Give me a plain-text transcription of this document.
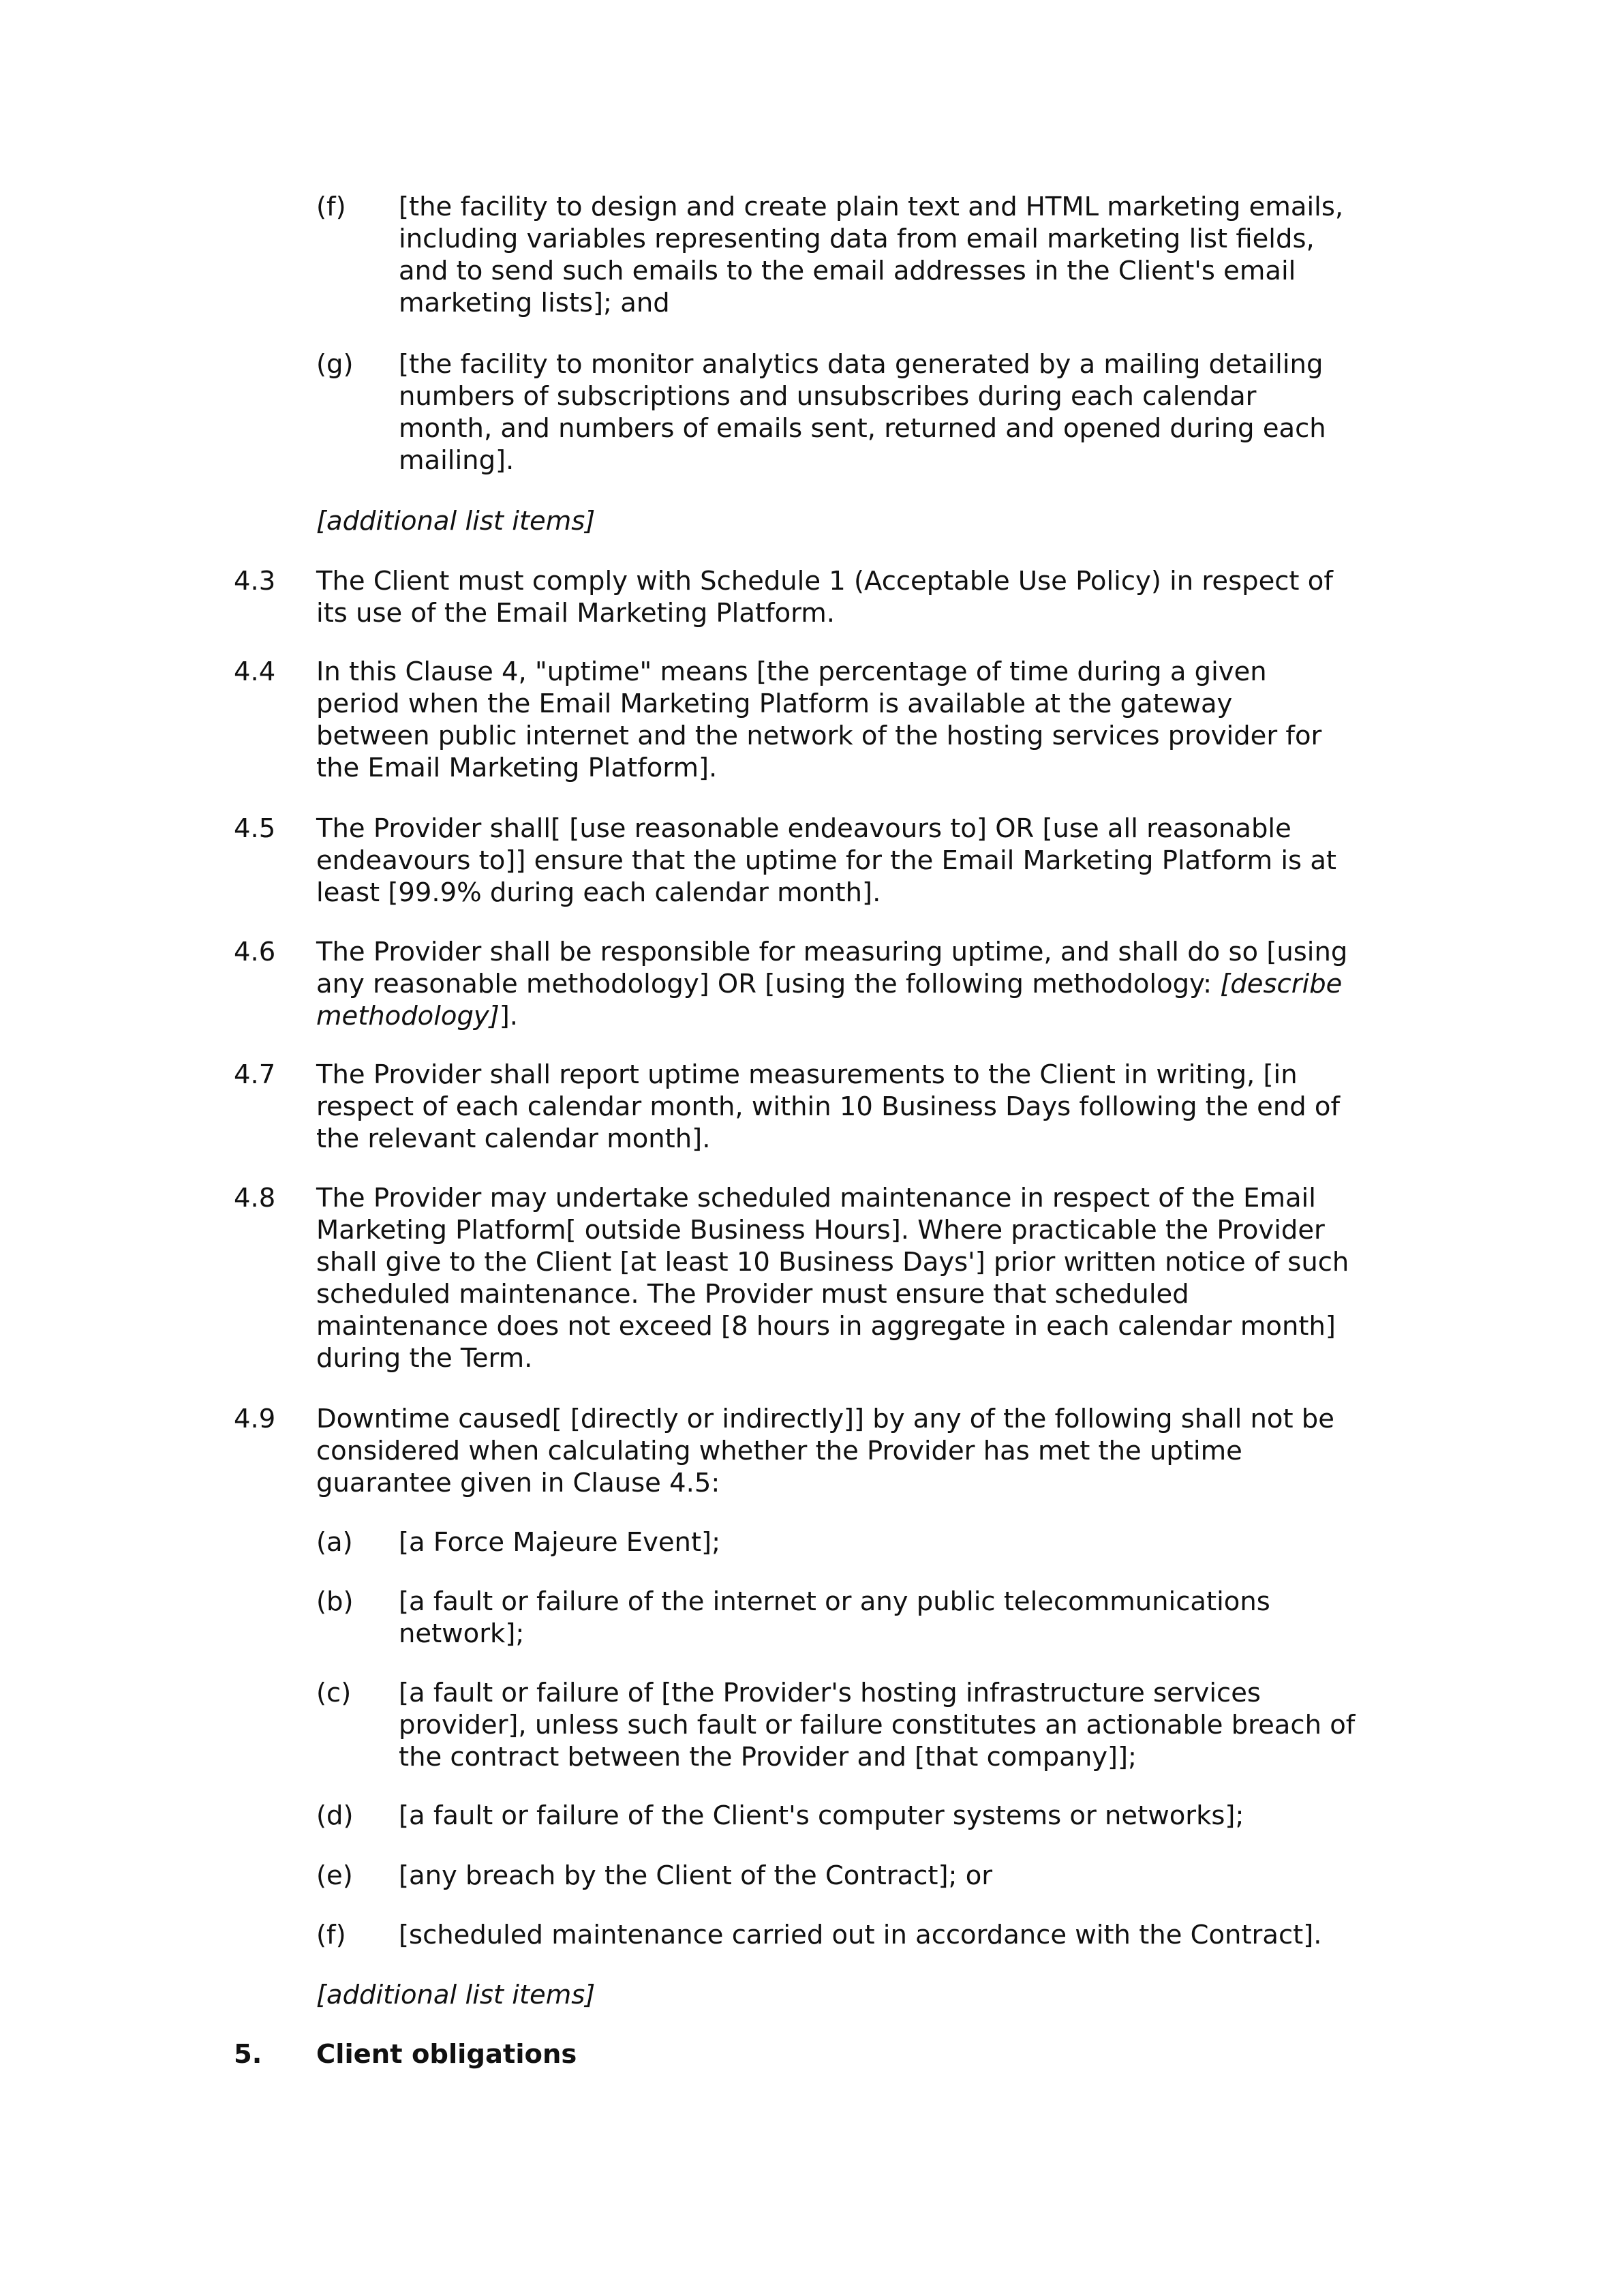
(f) [the facility to design and create plain text and HTML marketing emails,
including variables representing data from email marketing list fields,
and to send such emails to the email addresses in the Client's email
marketing lists]; and
(g) [the facility to monitor analytics data generated by a mailing detailing
numbers of subscriptions and unsubscribes during each calendar
month, and numbers of emails sent, returned and opened during each
mailing].
[additional list items]
4.3 The Client must comply with Schedule 1 (Acceptable Use Policy) in respect of
its use of the Email Marketing Platform.
4.4 In this Clause 4, "uptime" means [the percentage of time during a given
period when the Email Marketing Platform is available at the gateway
between public internet and the network of the hosting services provider for
the Email Marketing Platform].
4.5 The Provider shall[ [use reasonable endeavours to] OR [use all reasonable
endeavours to]] ensure that the uptime for the Email Marketing Platform is at
least [99.9% during each calendar month].
4.6 The Provider shall be responsible for measuring uptime, and shall do so [using
any reasonable methodology] OR [using the following methodology: [describe
methodology]].
4.7 The Provider shall report uptime measurements to the Client in writing, [in
respect of each calendar month, within 10 Business Days following the end of
the relevant calendar month].
4.8 The Provider may undertake scheduled maintenance in respect of the Email
Marketing Platform[ outside Business Hours]. Where practicable the Provider
shall give to the Client [at least 10 Business Days'] prior written notice of such
scheduled maintenance. The Provider must ensure that scheduled
maintenance does not exceed [8 hours in aggregate in each calendar month]
during the Term.
4.9 Downtime caused[ [directly or indirectly]] by any of the following shall not be
considered when calculating whether the Provider has met the uptime
guarantee given in Clause 4.5:
(a) [a Force Majeure Event];
(b) [a fault or failure of the internet or any public telecommunications
network];
(c) [a fault or failure of [the Provider's hosting infrastructure services
provider], unless such fault or failure constitutes an actionable breach of
the contract between the Provider and [that company]];
(d) [a fault or failure of the Client's computer systems or networks];
(e) [any breach by the Client of the Contract]; or
(f) [scheduled maintenance carried out in accordance with the Contract].
[additional list items]
5. Client obligations
